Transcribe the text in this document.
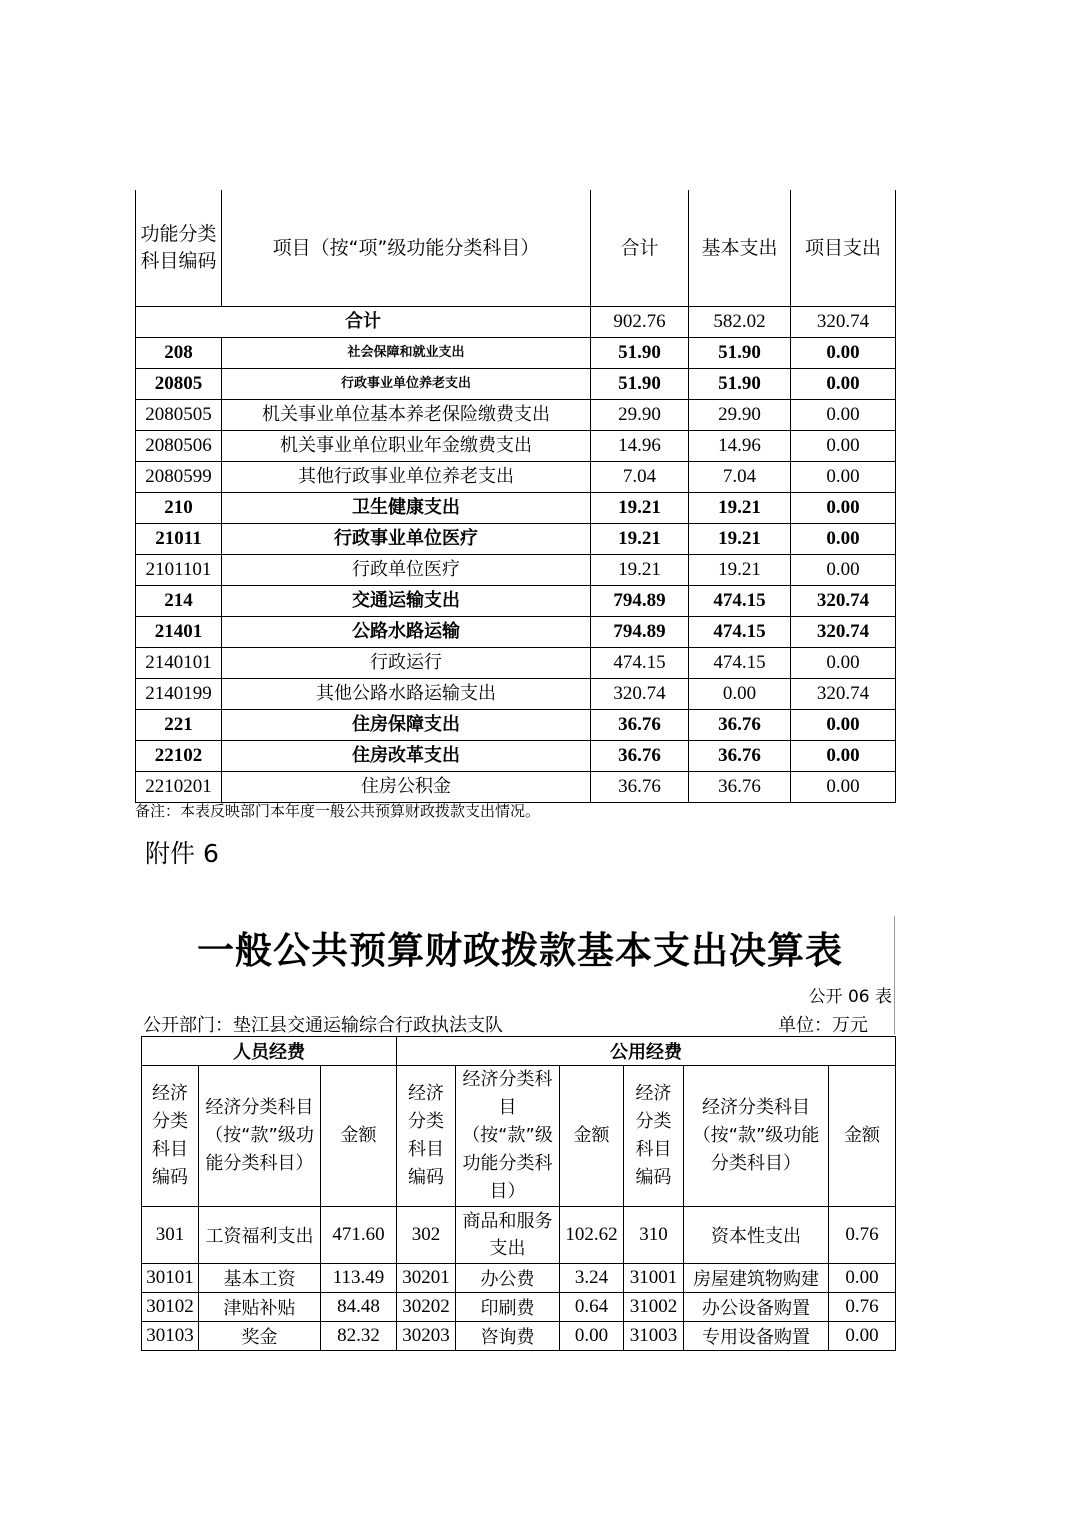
功能分类科目编码	项目（按“项”级功能分类科目）	合计	基本支出	项目支出
合计		902.76	582.02	320.74
208	社会保障和就业支出	51.90	51.90	0.00
20805	行政事业单位养老支出	51.90	51.90	0.00
2080505	机关事业单位基本养老保险缴费支出	29.90	29.90	0.00
2080506	机关事业单位职业年金缴费支出	14.96	14.96	0.00
2080599	其他行政事业单位养老支出	7.04	7.04	0.00
210	卫生健康支出	19.21	19.21	0.00
21011	行政事业单位医疗	19.21	19.21	0.00
2101101	行政单位医疗	19.21	19.21	0.00
214	交通运输支出	794.89	474.15	320.74
21401	公路水路运输	794.89	474.15	320.74
2140101	行政运行	474.15	474.15	0.00
2140199	其他公路水路运输支出	320.74	0.00	320.74
221	住房保障支出	36.76	36.76	0.00
22102	住房改革支出	36.76	36.76	0.00
2210201	住房公积金	36.76	36.76	0.00
备注：本表反映部门本年度一般公共预算财政拨款支出情况。
附件 6
一般公共预算财政拨款基本支出决算表
公开 06 表
公开部门：垫江县交通运输综合行政执法支队	单位：万元
人员经费			公用经费					
经济分类科目编码	经济分类科目（按“款”级功能分类科目）	金额	经济分类科目编码	经济分类科目（按“款”级功能分类科目）	金额	经济分类科目编码	经济分类科目（按“款”级功能分类科目）	金额
301	工资福利支出	471.60	302	商品和服务支出	102.62	310	资本性支出	0.76
30101	基本工资	113.49	30201	办公费	3.24	31001	房屋建筑物购建	0.00
30102	津贴补贴	84.48	30202	印刷费	0.64	31002	办公设备购置	0.76
30103	奖金	82.32	30203	咨询费	0.00	31003	专用设备购置	0.00
